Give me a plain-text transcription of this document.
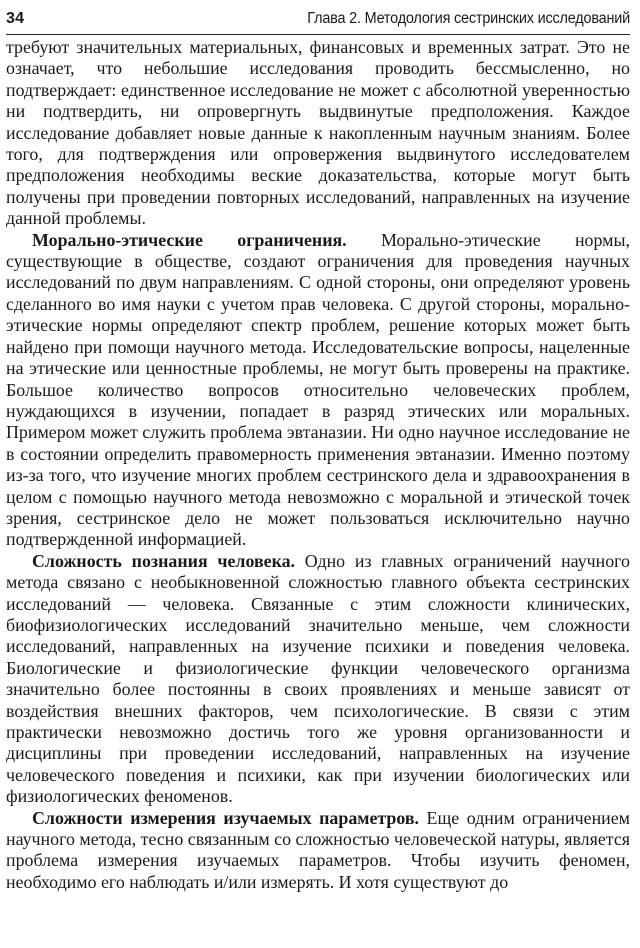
34	Глава 2. Методология сестринских исследований

требуют значительных материальных, финансовых и временных затрат. Это не означает, что небольшие исследования проводить бессмысленно, но подтверждает: единственное исследование не может с абсолютной уверенностью ни подтвердить, ни опровергнуть выдвинутые предположения. Каждое исследование добавляет новые данные к накопленным научным знаниям. Более того, для подтверждения или опровержения выдвинутого исследователем предположения необходимы веские доказательства, которые могут быть получены при проведении повторных исследований, направленных на изучение данной проблемы.

Морально-этические ограничения. Морально-этические нормы, существующие в обществе, создают ограничения для проведения научных исследований по двум направлениям. С одной стороны, они определяют уровень сделанного во имя науки с учетом прав человека. С другой стороны, морально-этические нормы определяют спектр проблем, решение которых может быть найдено при помощи научного метода. Исследовательские вопросы, нацеленные на этические или ценностные проблемы, не могут быть проверены на практике. Большое количество вопросов относительно человеческих проблем, нуждающихся в изучении, попадает в разряд этических или моральных. Примером может служить проблема эвтаназии. Ни одно научное исследование не в состоянии определить правомерность применения эвтаназии. Именно поэтому из-за того, что изучение многих проблем сестринского дела и здравоохранения в целом с помощью научного метода невозможно с моральной и этической точек зрения, сестринское дело не может пользоваться исключительно научно подтвержденной информацией.

Сложность познания человека. Одно из главных ограничений научного метода связано с необыкновенной сложностью главного объекта сестринских исследований — человека. Связанные с этим сложности клинических, биофизиологических исследований значительно меньше, чем сложности исследований, направленных на изучение психики и поведения человека. Биологические и физиологические функции человеческого организма значительно более постоянны в своих проявлениях и меньше зависят от воздействия внешних факторов, чем психологические. В связи с этим практически невозможно достичь того же уровня организованности и дисциплины при проведении исследований, направленных на изучение человеческого поведения и психики, как при изучении биологических или физиологических феноменов.

Сложности измерения изучаемых параметров. Еще одним ограничением научного метода, тесно связанным со сложностью человеческой натуры, является проблема измерения изучаемых параметров. Чтобы изучить феномен, необходимо его наблюдать и/или измерять. И хотя существуют до
